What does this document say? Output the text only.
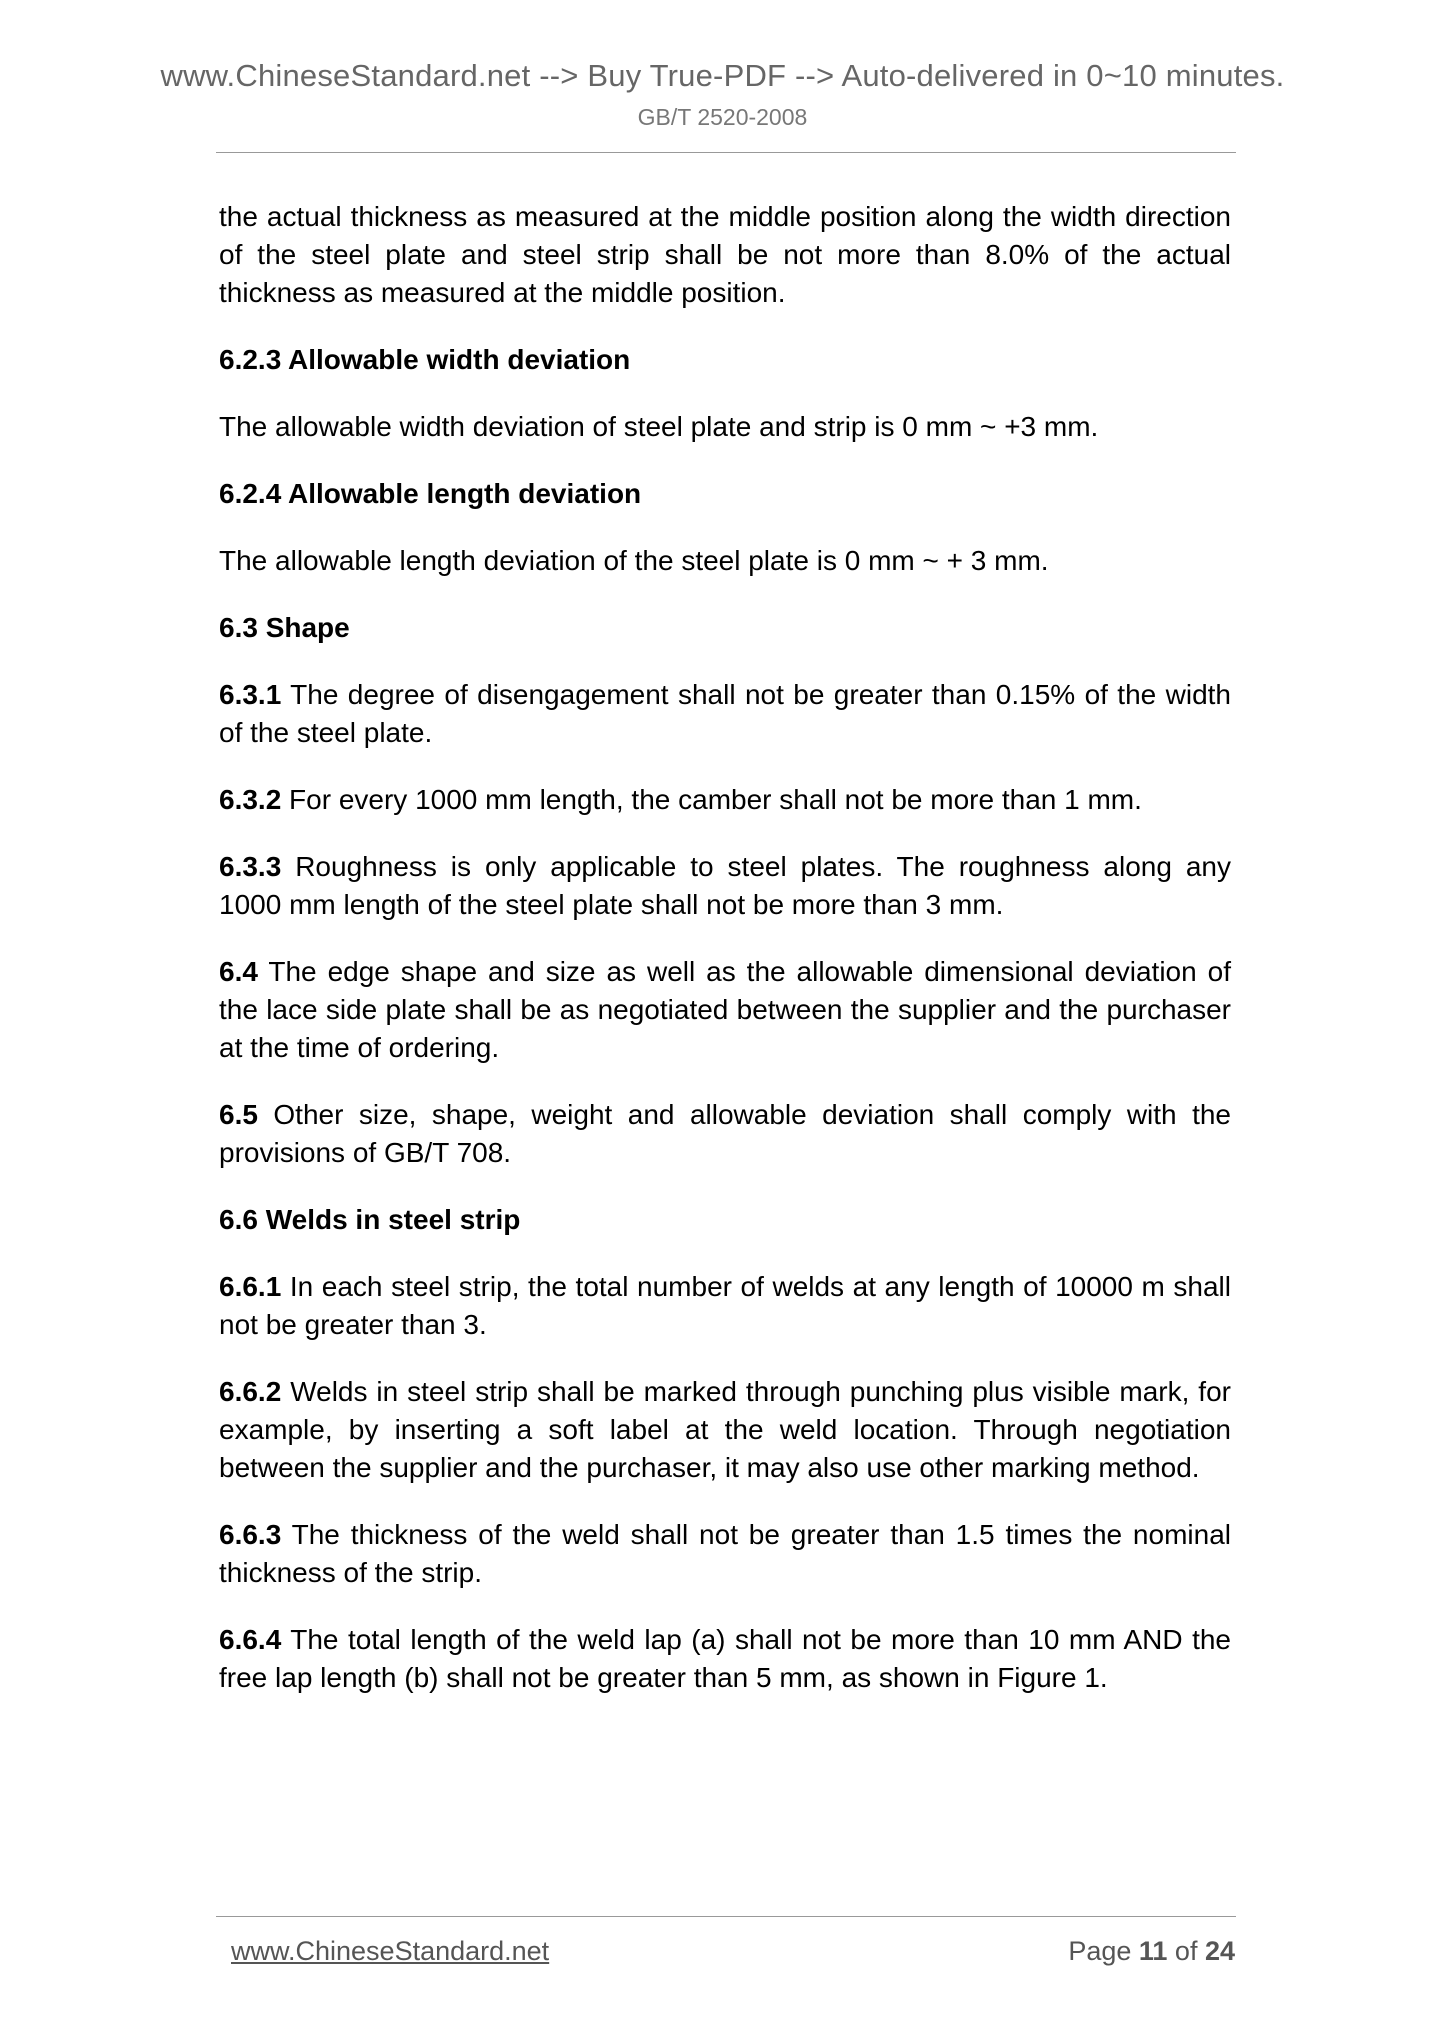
www.ChineseStandard.net --> Buy True-PDF --> Auto-delivered in 0~10 minutes.
GB/T 2520-2008

the actual thickness as measured at the middle position along the width direction of the steel plate and steel strip shall be not more than 8.0% of the actual thickness as measured at the middle position.

6.2.3 Allowable width deviation

The allowable width deviation of steel plate and strip is 0 mm ~ +3 mm.

6.2.4 Allowable length deviation

The allowable length deviation of the steel plate is 0 mm ~ + 3 mm.

6.3 Shape

6.3.1 The degree of disengagement shall not be greater than 0.15% of the width of the steel plate.

6.3.2 For every 1000 mm length, the camber shall not be more than 1 mm.

6.3.3 Roughness is only applicable to steel plates. The roughness along any 1000 mm length of the steel plate shall not be more than 3 mm.

6.4 The edge shape and size as well as the allowable dimensional deviation of the lace side plate shall be as negotiated between the supplier and the purchaser at the time of ordering.

6.5 Other size, shape, weight and allowable deviation shall comply with the provisions of GB/T 708.

6.6 Welds in steel strip

6.6.1 In each steel strip, the total number of welds at any length of 10000 m shall not be greater than 3.

6.6.2 Welds in steel strip shall be marked through punching plus visible mark, for example, by inserting a soft label at the weld location. Through negotiation between the supplier and the purchaser, it may also use other marking method.

6.6.3 The thickness of the weld shall not be greater than 1.5 times the nominal thickness of the strip.

6.6.4 The total length of the weld lap (a) shall not be more than 10 mm AND the free lap length (b) shall not be greater than 5 mm, as shown in Figure 1.

www.ChineseStandard.net	Page 11 of 24
